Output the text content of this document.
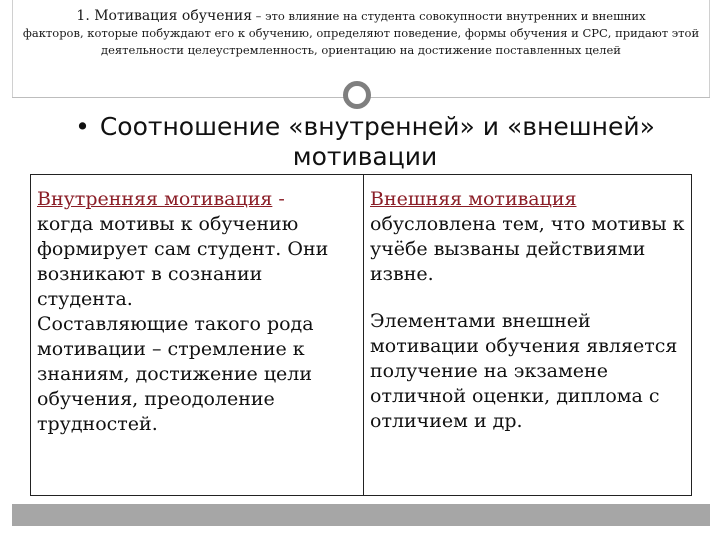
1. Мотивация обучения – это влияние на студента совокупности внутренних и внешних
факторов, которые побуждают его к обучению, определяют поведение, формы обучения и СРС, придают этой деятельности целеустремленность, ориентацию на достижение поставленных целей
• Соотношение «внутренней» и «внешней» мотивации

Внутренняя мотивация -

когда мотивы к обучению формирует сам студент. Они возникают в сознании студента.

Составляющие такого рода мотивации – стремление к знаниям, достижение цели обучения, преодоление трудностей.

Внешняя мотивация

обусловлена тем, что мотивы к учёбе вызваны действиями извне.

Элементами внешней мотивации обучения является получение на экзамене отличной оценки, диплома с отличием и др.
